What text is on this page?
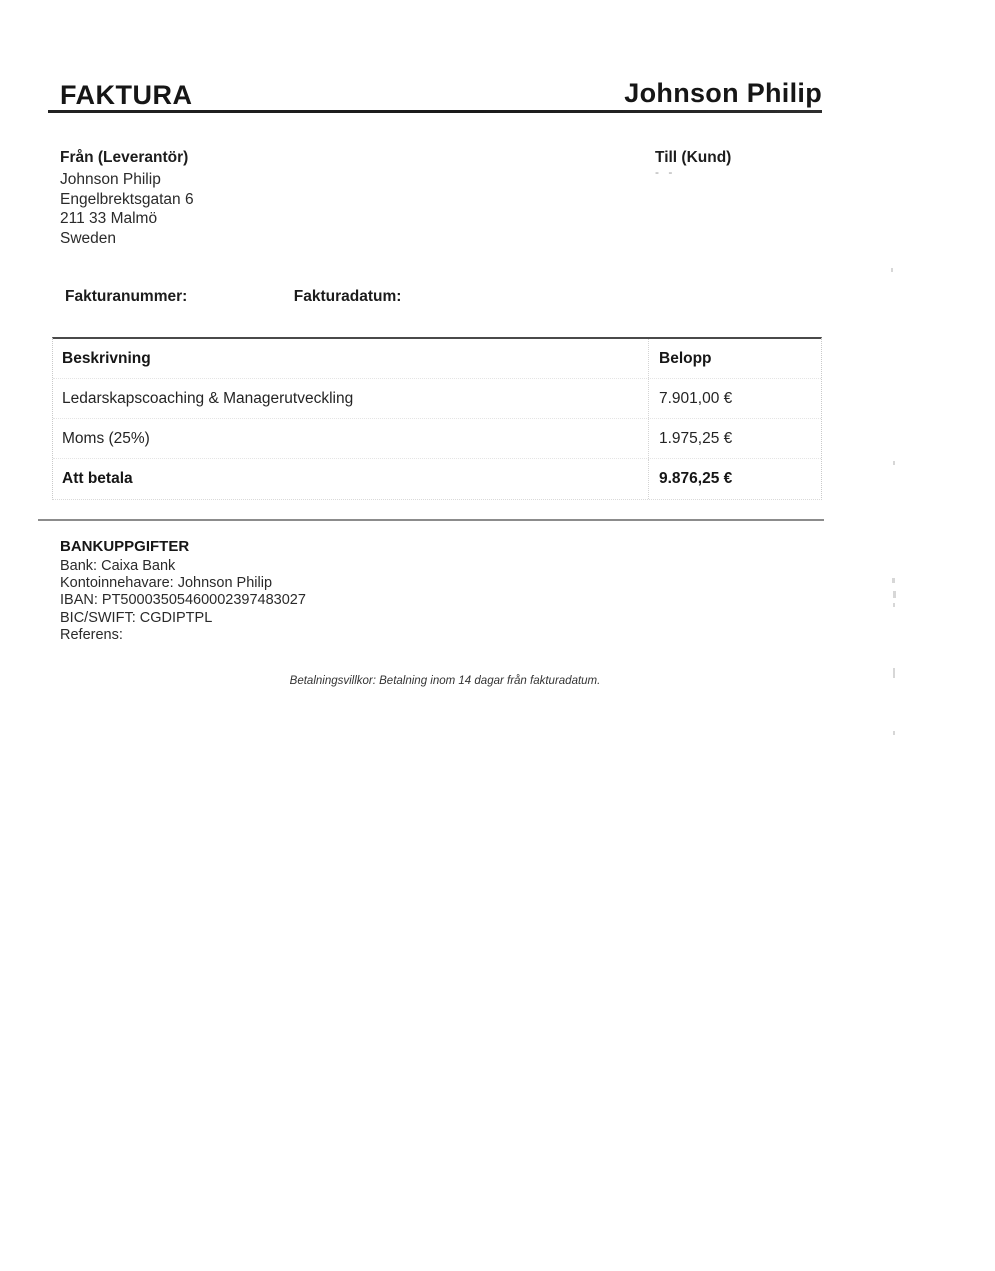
FAKTURA	Johnson Philip
Från (Leverantör)
Johnson Philip
Engelbrektsgatan 6
211 33 Malmö
Sweden
Till (Kund)
- -
Fakturanummer:	Fakturadatum:
Beskrivning	Belopp
Ledarskapscoaching & Managerutveckling	7.901,00 €
Moms (25%)	1.975,25 €
Att betala	9.876,25 €
BANKUPPGIFTER
Bank: Caixa Bank
Kontoinnehavare: Johnson Philip
IBAN: PT50003505460002397483027
BIC/SWIFT: CGDIPTPL
Referens:
Betalningsvillkor: Betalning inom 14 dagar från fakturadatum.
